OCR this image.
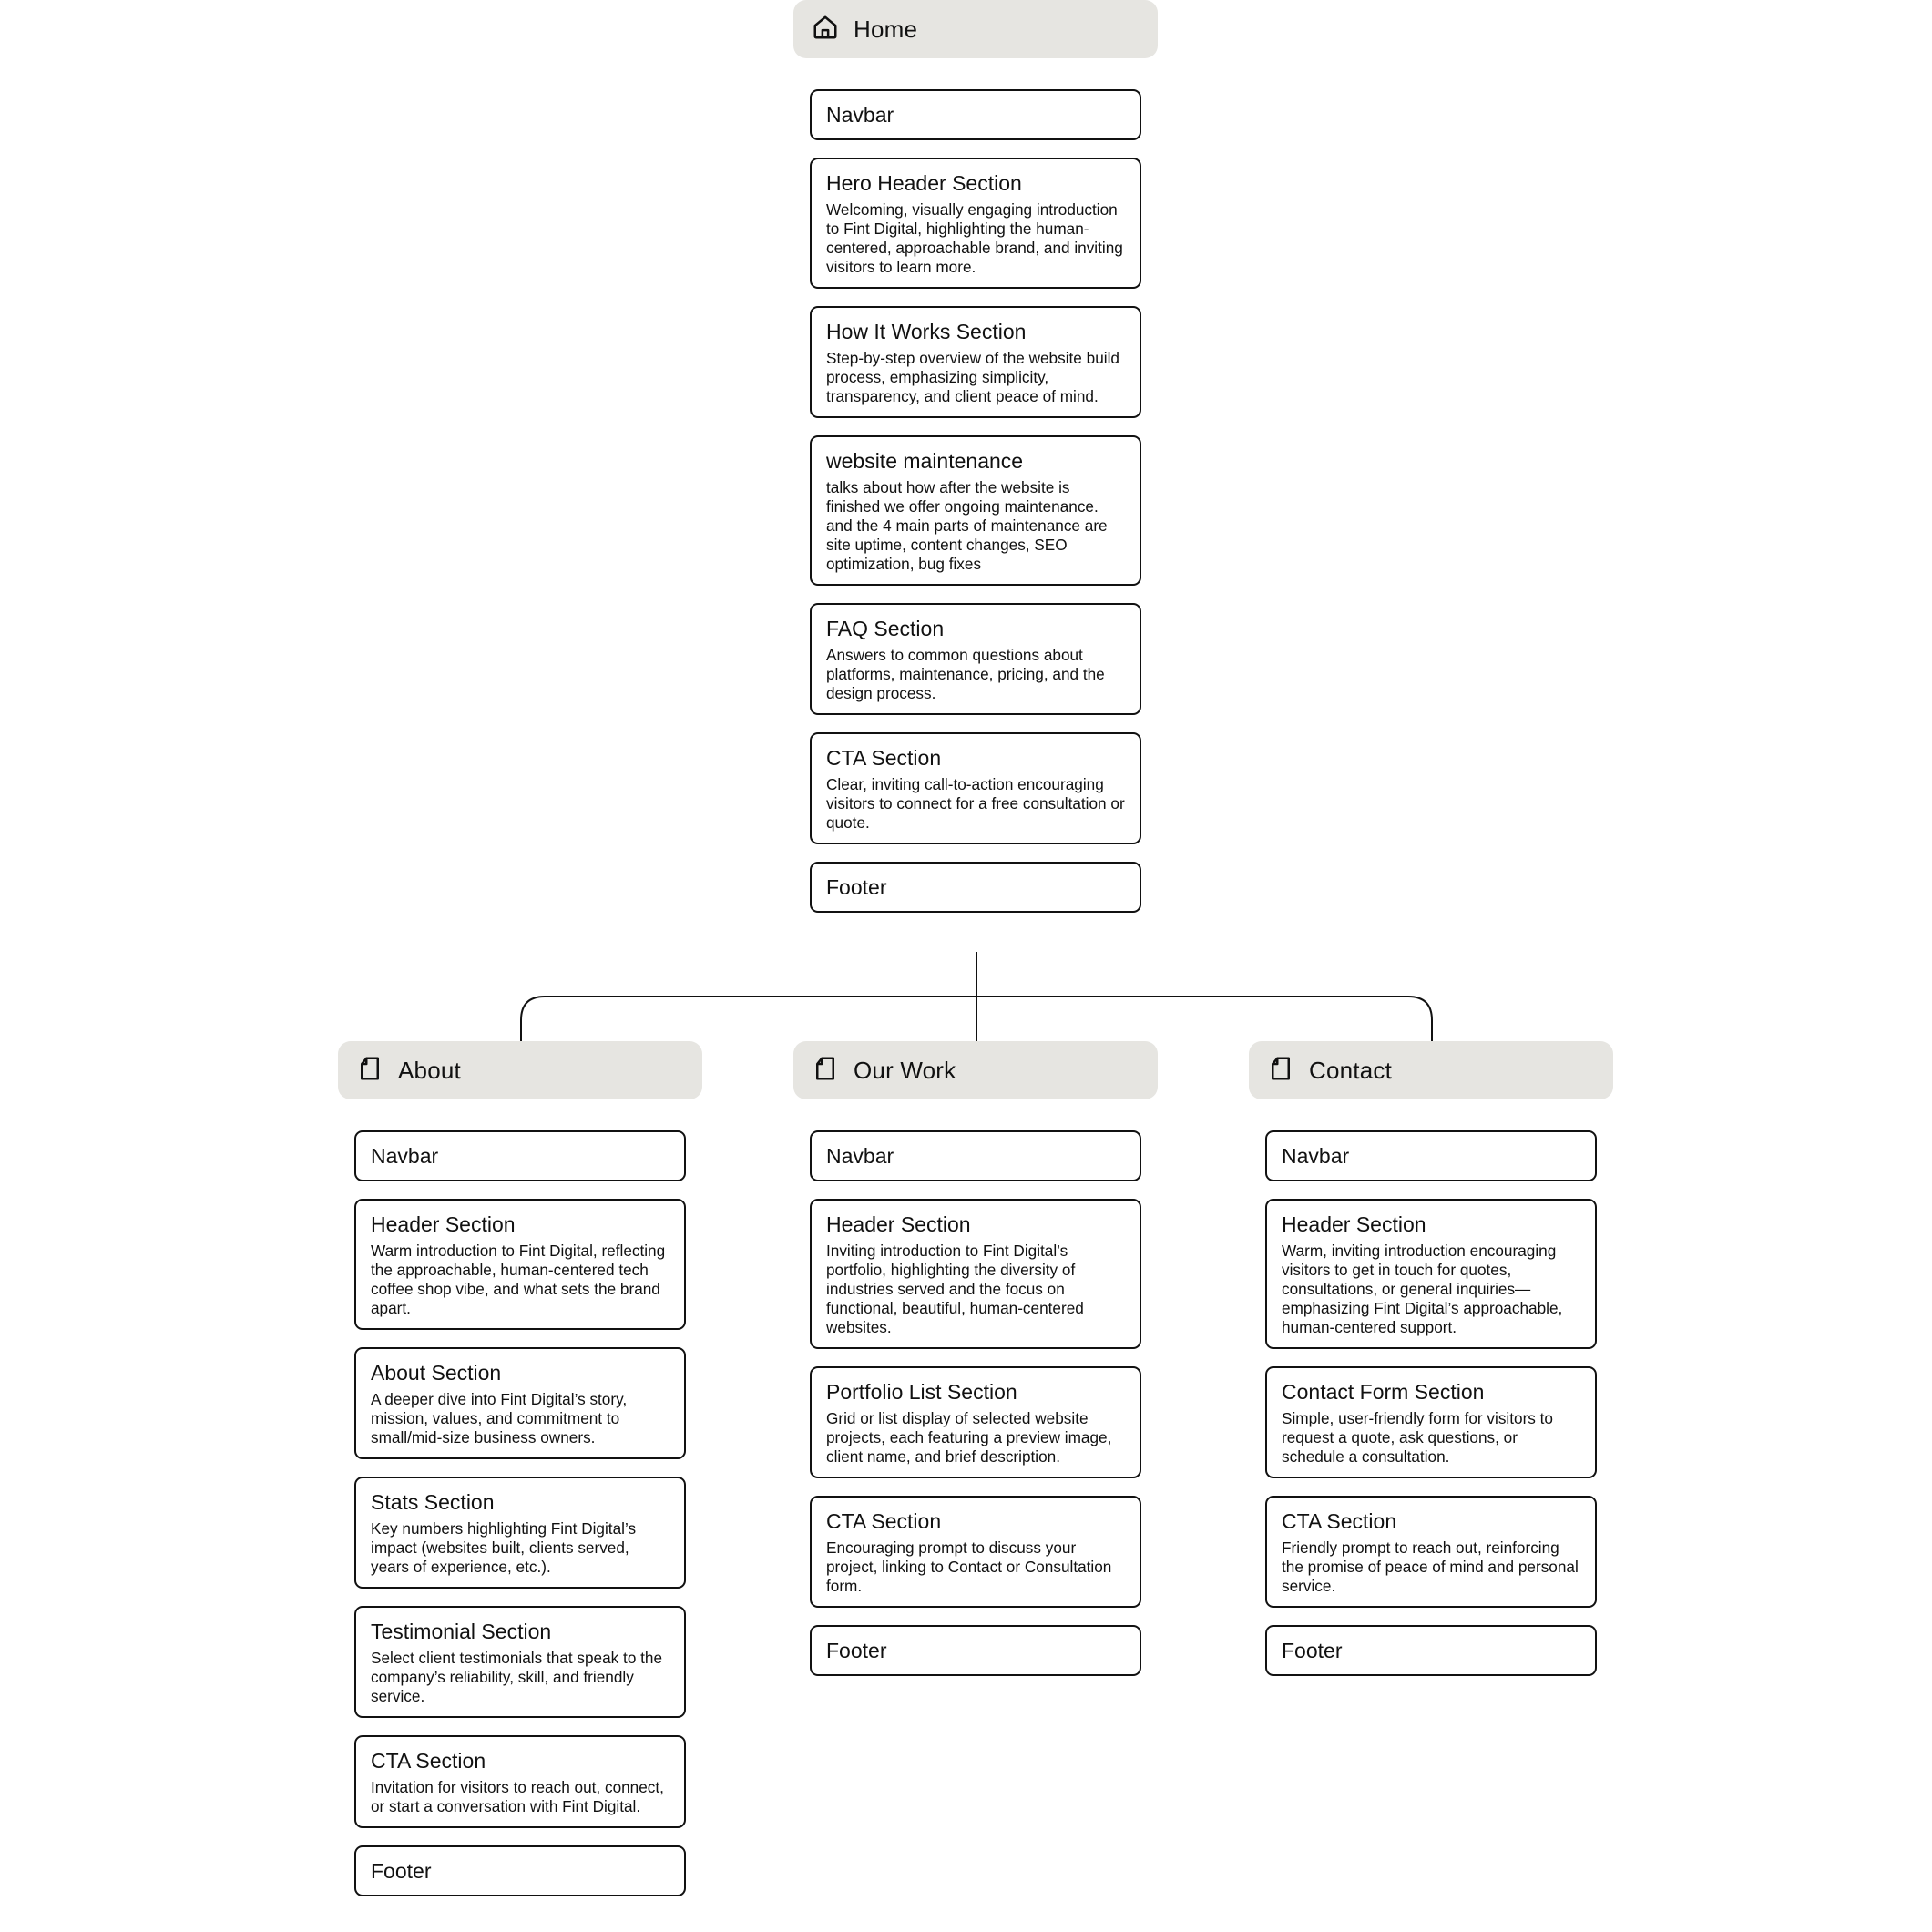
Home
About	Our Work	Contact
Navbar
Hero Header Section
Welcoming, visually engaging introduction to Fint Digital, highlighting the human-centered, approachable brand, and inviting visitors to learn more.
How It Works Section
Step-by-step overview of the website build process, emphasizing simplicity, transparency, and client peace of mind.
website maintenance
talks about how after the website is finished we offer ongoing maintenance. and the 4 main parts of maintenance are site uptime, content changes, SEO optimization, bug fixes
FAQ Section
Answers to common questions about platforms, maintenance, pricing, and the design process.
CTA Section
Clear, inviting call-to-action encouraging visitors to connect for a free consultation or quote.
Footer
Navbar
Header Section
Warm introduction to Fint Digital, reflecting the approachable, human-centered tech coffee shop vibe, and what sets the brand apart.
About Section
A deeper dive into Fint Digital’s story, mission, values, and commitment to small/mid-size business owners.
Stats Section
Key numbers highlighting Fint Digital’s impact (websites built, clients served, years of experience, etc.).
Testimonial Section
Select client testimonials that speak to the company’s reliability, skill, and friendly service.
CTA Section
Invitation for visitors to reach out, connect, or start a conversation with Fint Digital.
Footer
Navbar
Header Section
Inviting introduction to Fint Digital’s portfolio, highlighting the diversity of industries served and the focus on functional, beautiful, human-centered websites.
Portfolio List Section
Grid or list display of selected website projects, each featuring a preview image, client name, and brief description.
CTA Section
Encouraging prompt to discuss your project, linking to Contact or Consultation form.
Footer
Navbar
Header Section
Warm, inviting introduction encouraging visitors to get in touch for quotes, consultations, or general inquiries—emphasizing Fint Digital’s approachable, human-centered support.
Contact Form Section
Simple, user-friendly form for visitors to request a quote, ask questions, or schedule a consultation.
CTA Section
Friendly prompt to reach out, reinforcing the promise of peace of mind and personal service.
Footer
